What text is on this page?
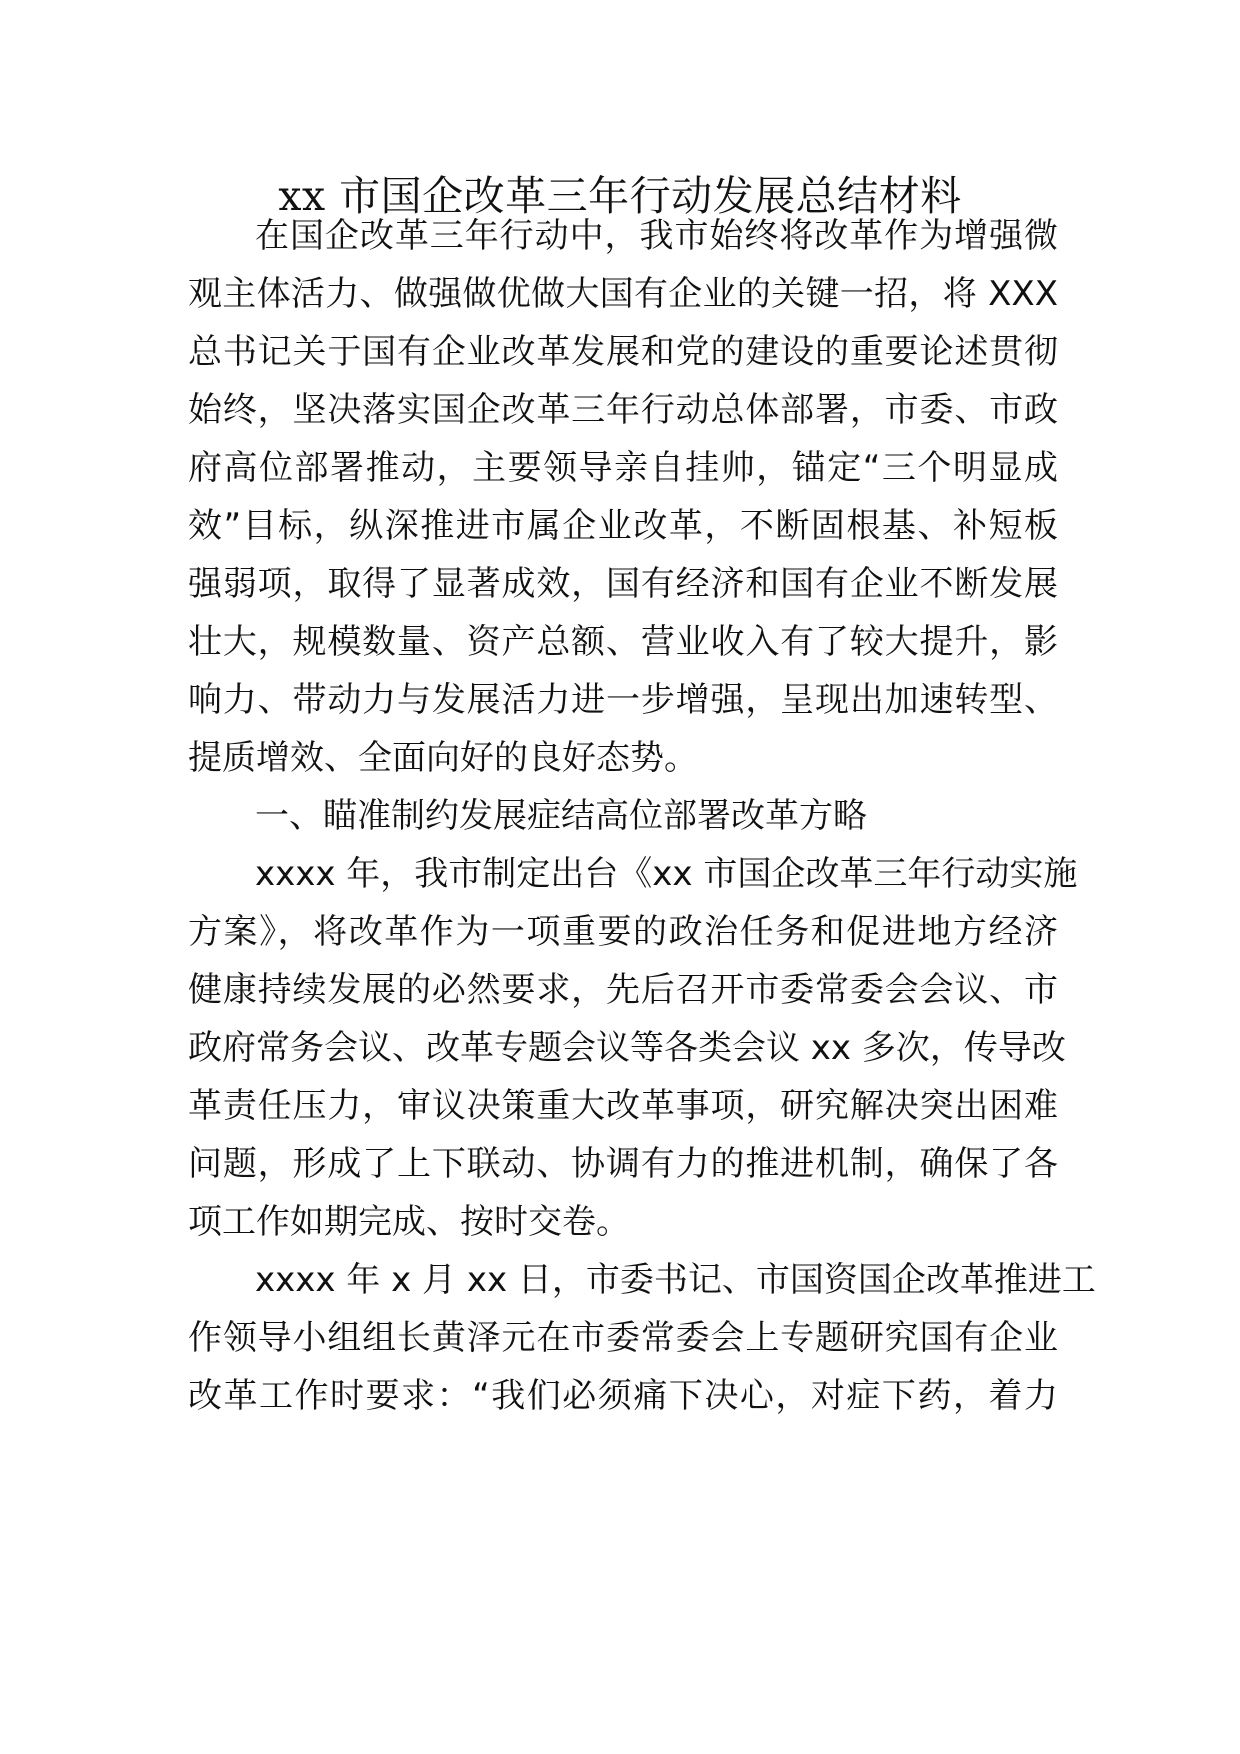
xx 市国企改革三年行动发展总结材料
在国企改革三年行动中，我市始终将改革作为增强微
观主体活力、做强做优做大国有企业的关键一招，将 XXX
总书记关于国有企业改革发展和党的建设的重要论述贯彻
始终，坚决落实国企改革三年行动总体部署，市委、市政
府高位部署推动，主要领导亲自挂帅，锚定“三个明显成
效”目标，纵深推进市属企业改革，不断固根基、补短板
强弱项，取得了显著成效，国有经济和国有企业不断发展
壮大，规模数量、资产总额、营业收入有了较大提升，影
响力、带动力与发展活力进一步增强，呈现出加速转型、
提质增效、全面向好的良好态势。
一、瞄准制约发展症结高位部署改革方略
xxxx 年，我市制定出台《xx 市国企改革三年行动实施
方案》，将改革作为一项重要的政治任务和促进地方经济
健康持续发展的必然要求，先后召开市委常委会会议、市
政府常务会议、改革专题会议等各类会议 xx 多次，传导改
革责任压力，审议决策重大改革事项，研究解决突出困难
问题，形成了上下联动、协调有力的推进机制，确保了各
项工作如期完成、按时交卷。
xxxx 年 x 月 xx 日，市委书记、市国资国企改革推进工
作领导小组组长黄泽元在市委常委会上专题研究国有企业
改革工作时要求：“我们必须痛下决心，对症下药，着力
